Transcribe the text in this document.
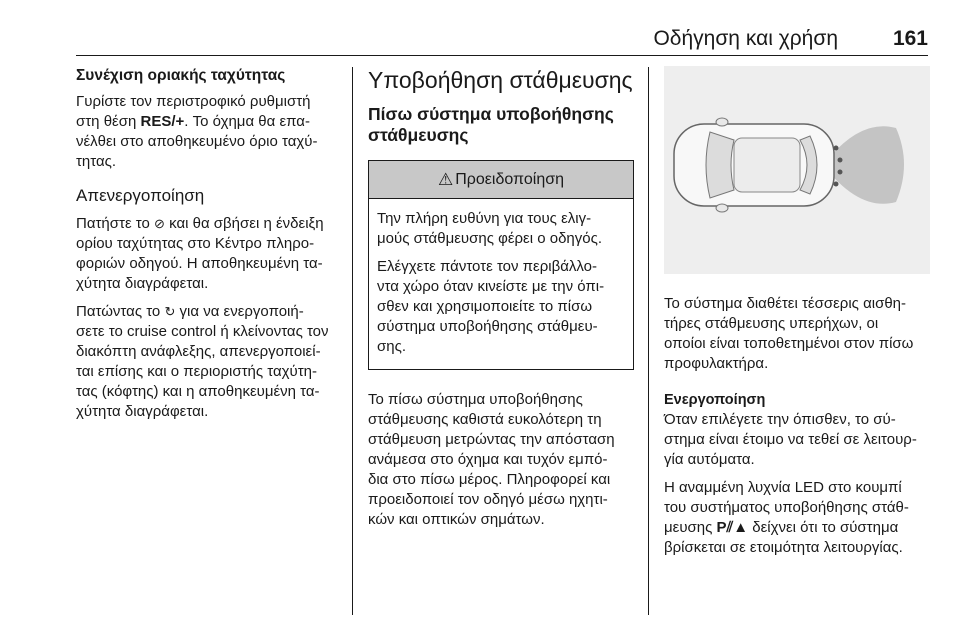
Οδήγηση και χρήση	161
Συνέχιση οριακής ταχύτητας

Γυρίστε τον περιστροφικό ρυθμιστή
στη θέση RES/+. Το όχημα θα επα-
νέλθει στο αποθηκευμένο όριο ταχύ-
τητας.

Απενεργοποίηση

Πατήστε το ⊘ και θα σβήσει η ένδειξη
ορίου ταχύτητας στο Κέντρο πληρο-
φοριών οδηγού. Η αποθηκευμένη τα-
χύτητα διαγράφεται.

Πατώντας το ↻ για να ενεργοποιή-
σετε το cruise control ή κλείνοντας τον
διακόπτη ανάφλεξης, απενεργοποιεί-
ται επίσης και ο περιοριστής ταχύτη-
τας (κόφτης) και η αποθηκευμένη τα-
χύτητα διαγράφεται.

Υποβοήθηση στάθμευσης
Πίσω σύστημα υποβοήθησης
στάθμευσης
⚠ Προειδοποίηση

Την πλήρη ευθύνη για τους ελιγ-
μούς στάθμευσης φέρει ο οδηγός.

Ελέγχετε πάντοτε τον περιβάλλο-
ντα χώρο όταν κινείστε με την όπι-
σθεν και χρησιμοποιείτε το πίσω
σύστημα υποβοήθησης στάθμευ-
σης.

Το πίσω σύστημα υποβοήθησης
στάθμευσης καθιστά ευκολότερη τη
στάθμευση μετρώντας την απόσταση
ανάμεσα στο όχημα και τυχόν εμπό-
δια στο πίσω μέρος. Πληροφορεί και
προειδοποιεί τον οδηγό μέσω ηχητι-
κών και οπτικών σημάτων.

Το σύστημα διαθέτει τέσσερις αισθη-
τήρες στάθμευσης υπερήχων, οι
οποίοι είναι τοποθετημένοι στον πίσω
προφυλακτήρα.

Ενεργοποίηση

Όταν επιλέγετε την όπισθεν, το σύ-
στημα είναι έτοιμο να τεθεί σε λειτουρ-
γία αυτόματα.

Η αναμμένη λυχνία LED στο κουμπί
του συστήματος υποβοήθησης στάθ-
μευσης P⫽▲ δείχνει ότι το σύστημα
βρίσκεται σε ετοιμότητα λειτουργίας.
